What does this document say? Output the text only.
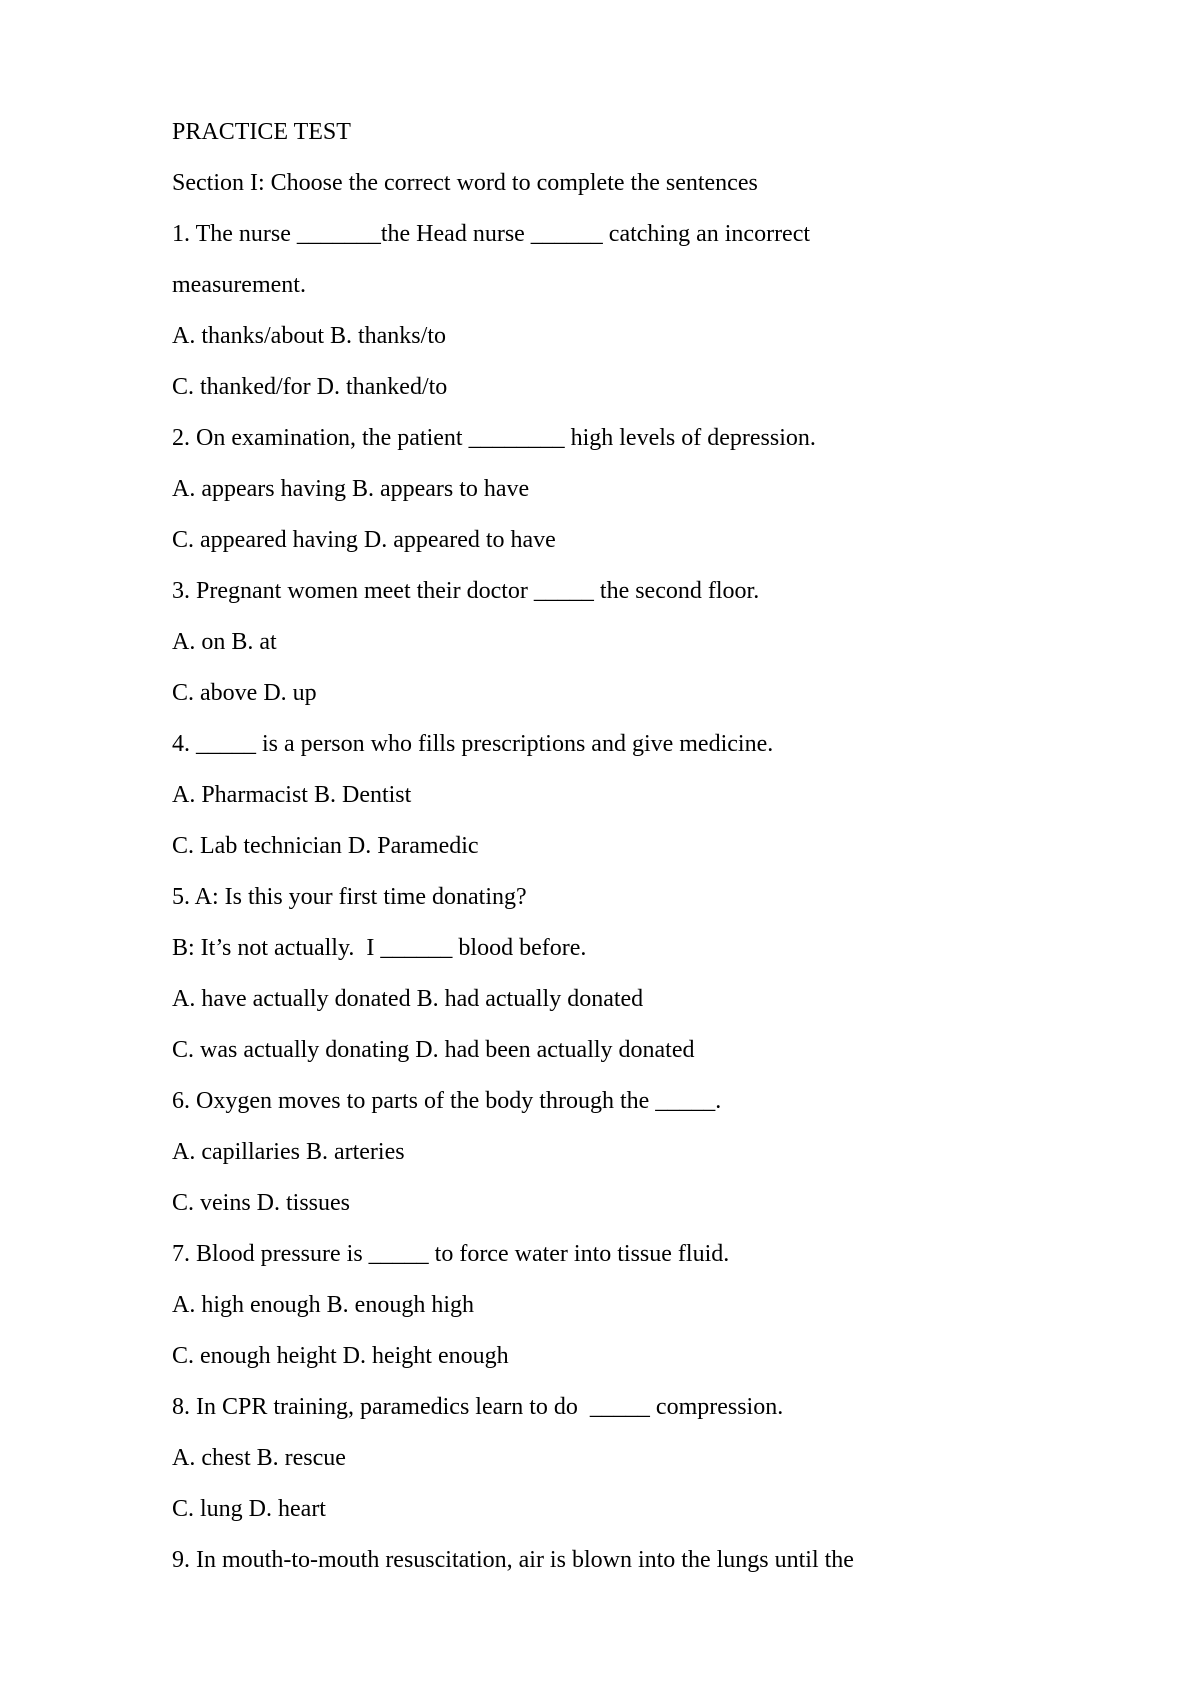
PRACTICE TEST

Section I: Choose the correct word to complete the sentences

1. The nurse _______the Head nurse ______ catching an incorrect

measurement.

A. thanks/about B. thanks/to

C. thanked/for D. thanked/to

2. On examination, the patient ________ high levels of depression.

A. appears having B. appears to have

C. appeared having D. appeared to have

3. Pregnant women meet their doctor _____ the second floor.

A. on B. at

C. above D. up

4. _____ is a person who fills prescriptions and give medicine.

A. Pharmacist B. Dentist

C. Lab technician D. Paramedic

5. A: Is this your first time donating?

B: It’s not actually.  I ______ blood before.

A. have actually donated B. had actually donated

C. was actually donating D. had been actually donated

6. Oxygen moves to parts of the body through the _____.

A. capillaries B. arteries

C. veins D. tissues

7. Blood pressure is _____ to force water into tissue fluid.

A. high enough B. enough high

C. enough height D. height enough

8. In CPR training, paramedics learn to do  _____ compression.

A. chest B. rescue

C. lung D. heart

9. In mouth-to-mouth resuscitation, air is blown into the lungs until the
